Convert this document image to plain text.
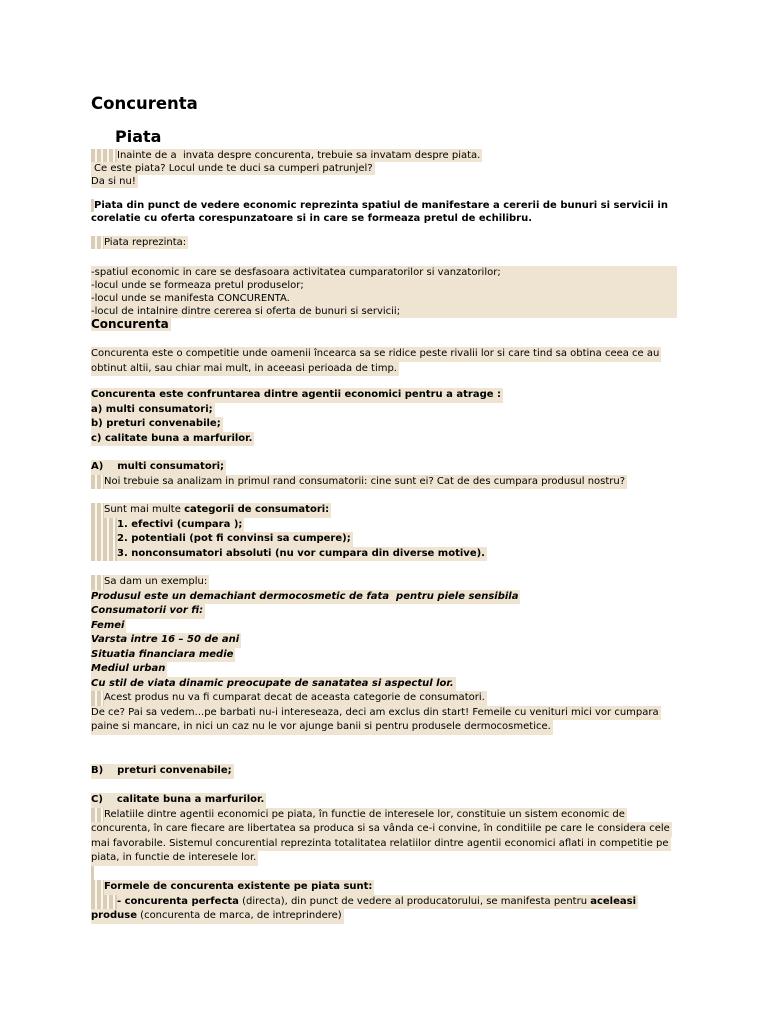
Concurenta
Piata
Inainte de a  invata despre concurenta, trebuie sa invatam despre piata.
Ce este piata? Locul unde te duci sa cumperi patrunjel?
Da si nu!
Piata din punct de vedere economic reprezinta spatiul de manifestare a cererii de bunuri si servicii in
corelatie cu oferta corespunzatoare si in care se formeaza pretul de echilibru.
Piata reprezinta:
-spatiul economic in care se desfasoara activitatea cumparatorilor si vanzatorilor;
-locul unde se formeaza pretul produselor;
-locul unde se manifesta CONCURENTA.
-locul de intalnire dintre cererea si oferta de bunuri si servicii;
Concurenta
Concurenta este o competitie unde oamenii încearca sa se ridice peste rivalii lor si care tind sa obtina ceea ce au
obtinut altii, sau chiar mai mult, in aceeasi perioada de timp.
Concurenta este confruntarea dintre agentii economici pentru a atrage :
a) multi consumatori;
b) preturi convenabile;
c) calitate buna a marfurilor.
A)    multi consumatori;
Noi trebuie sa analizam in primul rand consumatorii: cine sunt ei? Cat de des cumpara produsul nostru?
Sunt mai multe categorii de consumatori:
1. efectivi (cumpara );
2. potentiali (pot fi convinsi sa cumpere);
3. nonconsumatori absoluti (nu vor cumpara din diverse motive).
Sa dam un exemplu:
Produsul este un demachiant dermocosmetic de fata  pentru piele sensibila
Consumatorii vor fi:
Femei
Varsta intre 16 – 50 de ani
Situatia financiara medie
Mediul urban
Cu stil de viata dinamic preocupate de sanatatea si aspectul lor.
Acest produs nu va fi cumparat decat de aceasta categorie de consumatori.
De ce? Pai sa vedem...pe barbati nu-i intereseaza, deci am exclus din start! Femeile cu venituri mici vor cumpara
paine si mancare, in nici un caz nu le vor ajunge banii si pentru produsele dermocosmetice.
B)    preturi convenabile;
C)    calitate buna a marfurilor.
Relatiile dintre agentii economici pe piata, în functie de interesele lor, constituie un sistem economic de
concurenta, în care fiecare are libertatea sa produca si sa vânda ce-i convine, în conditiile pe care le considera cele
mai favorabile. Sistemul concurential reprezinta totalitatea relatiilor dintre agentii economici aflati in competitie pe
piata, in functie de interesele lor.
Formele de concurenta existente pe piata sunt:
- concurenta perfecta (directa), din punct de vedere al producatorului, se manifesta pentru aceleasi
produse (concurenta de marca, de intreprindere)
